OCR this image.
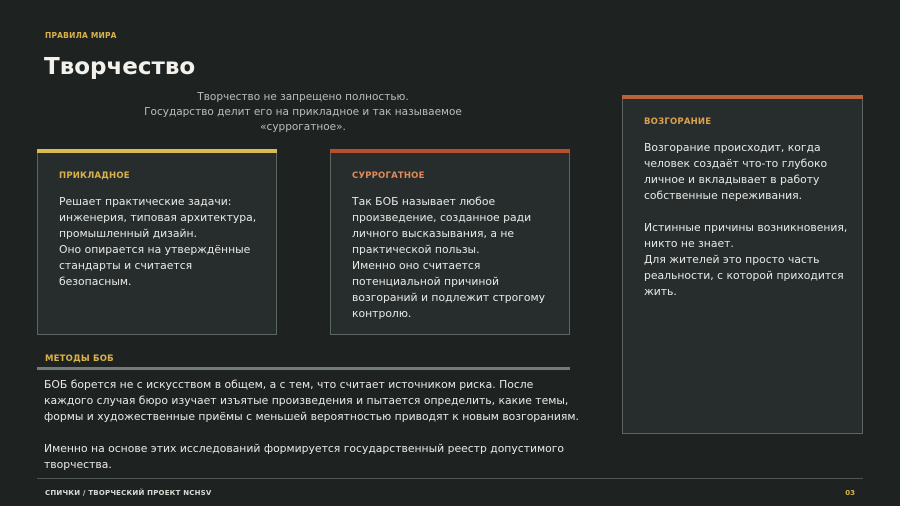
ПРАВИЛА МИРА
Творчество
Творчество не запрещено полностью.
Государство делит его на прикладное и так называемое «суррогатное».
ПРИКЛАДНОЕ
Решает практические задачи: инженерия, типовая архитектура, промышленный дизайн.
Оно опирается на утверждённые стандарты и считается безопасным.
СУРРОГАТНОЕ
Так БОБ называет любое произведение, созданное ради личного высказывания, а не практической пользы.
Именно оно считается потенциальной причиной возгораний и подлежит строгому контролю.
ВОЗГОРАНИЕ
Возгорание происходит, когда человек создаёт что-то глубоко личное и вкладывает в работу собственные переживания.

Истинные причины возникновения, никто не знает.
Для жителей это просто часть реальности, с которой приходится жить.
МЕТОДЫ БОБ
БОБ борется не с искусством в общем, а с тем, что считает источником риска. После каждого случая бюро изучает изъятые произведения и пытается определить, какие темы, формы и художественные приёмы с меньшей вероятностью приводят к новым возгораниям.

Именно на основе этих исследований формируется государственный реестр допустимого творчества.
СПИЧКИ / ТВОРЧЕСКИЙ ПРОЕКТ NCHSV	03
